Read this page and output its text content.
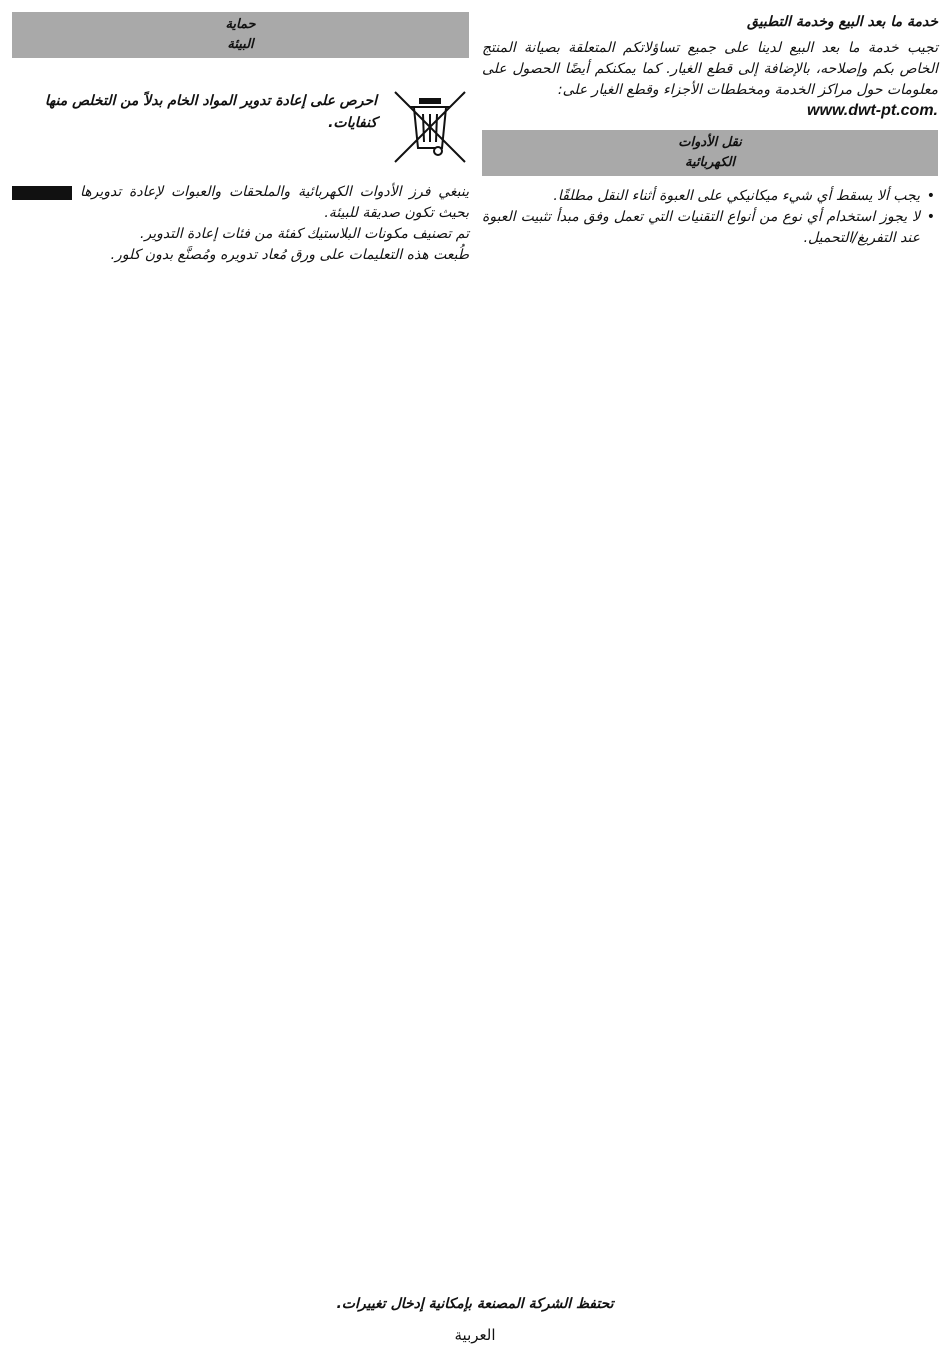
خدمة ما بعد البيع وخدمة التطبيق

تجيب خدمة ما بعد البيع لدينا على جميع تساؤلاتكم المتعلقة بصيانة المنتج الخاص بكم وإصلاحه، بالإضافة إلى قطع الغيار. كما يمكنكم أيضًا الحصول على معلومات حول مراكز الخدمة ومخططات الأجزاء وقطع الغيار على:

www.dwt-pt.com.
نقل الأدوات
الكهربائية
•
يجب ألا يسقط أي شيء ميكانيكي على العبوة أثناء النقل مطلقًا.
•
لا يجوز استخدام أي نوع من أنواع التقنيات التي تعمل وفق مبدأ تثبيت العبوة عند التفريغ/التحميل.
حماية
البيئة
احرص على إعادة تدوير المواد الخام بدلاً من التخلص منها كنفايات.

ينبغي فرز الأدوات الكهربائية والملحقات والعبوات لإعادة تدويرها بحيث تكون صديقة للبيئة.

تم تصنيف مكونات البلاستيك كفئة من فئات إعادة التدوير.

طُبعت هذه التعليمات على ورق مُعاد تدويره ومُصنَّع بدون كلور.

تحتفظ الشركة المصنعة بإمكانية إدخال تغييرات.
العربية
